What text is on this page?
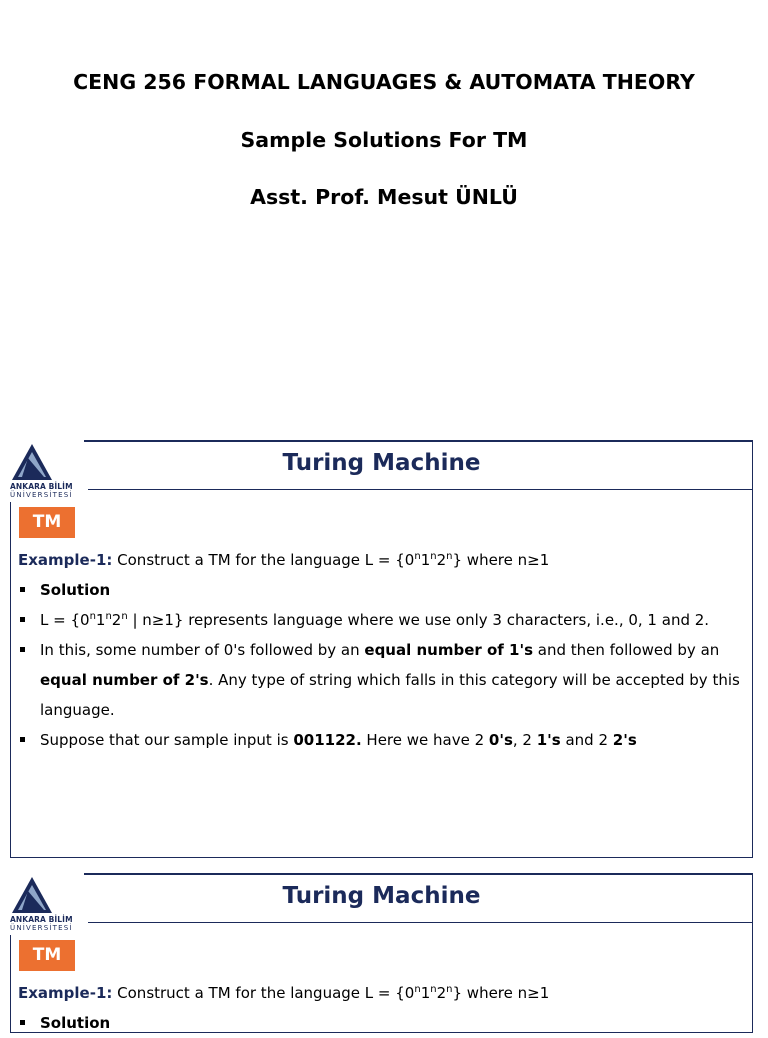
CENG 256 FORMAL LANGUAGES & AUTOMATA THEORY
Sample Solutions For TM
Asst. Prof. Mesut ÜNLÜ
ANKARA BİLİM
ÜNİVERSİTESİ
Turing Machine
TM
Example-1: Construct a TM for the language $L = \{0^n1^n2^n\}$ where n≥1
Solution
$L = \{0^n1^n2^n$ | n≥1} represents language where we use only 3 characters, i.e., 0, 1 and 2.
In this, some number of 0's followed by an equal number of 1's and then followed by an
equal number of 2's. Any type of string which falls in this category will be accepted by this
language.
Suppose that our sample input is 001122. Here we have 2 0's, 2 1's and 2 2's
ANKARA BİLİM
ÜNİVERSİTESİ
Turing Machine
TM
Example-1: Construct a TM for the language $L = \{0^n1^n2^n\}$ where n≥1
Solution
